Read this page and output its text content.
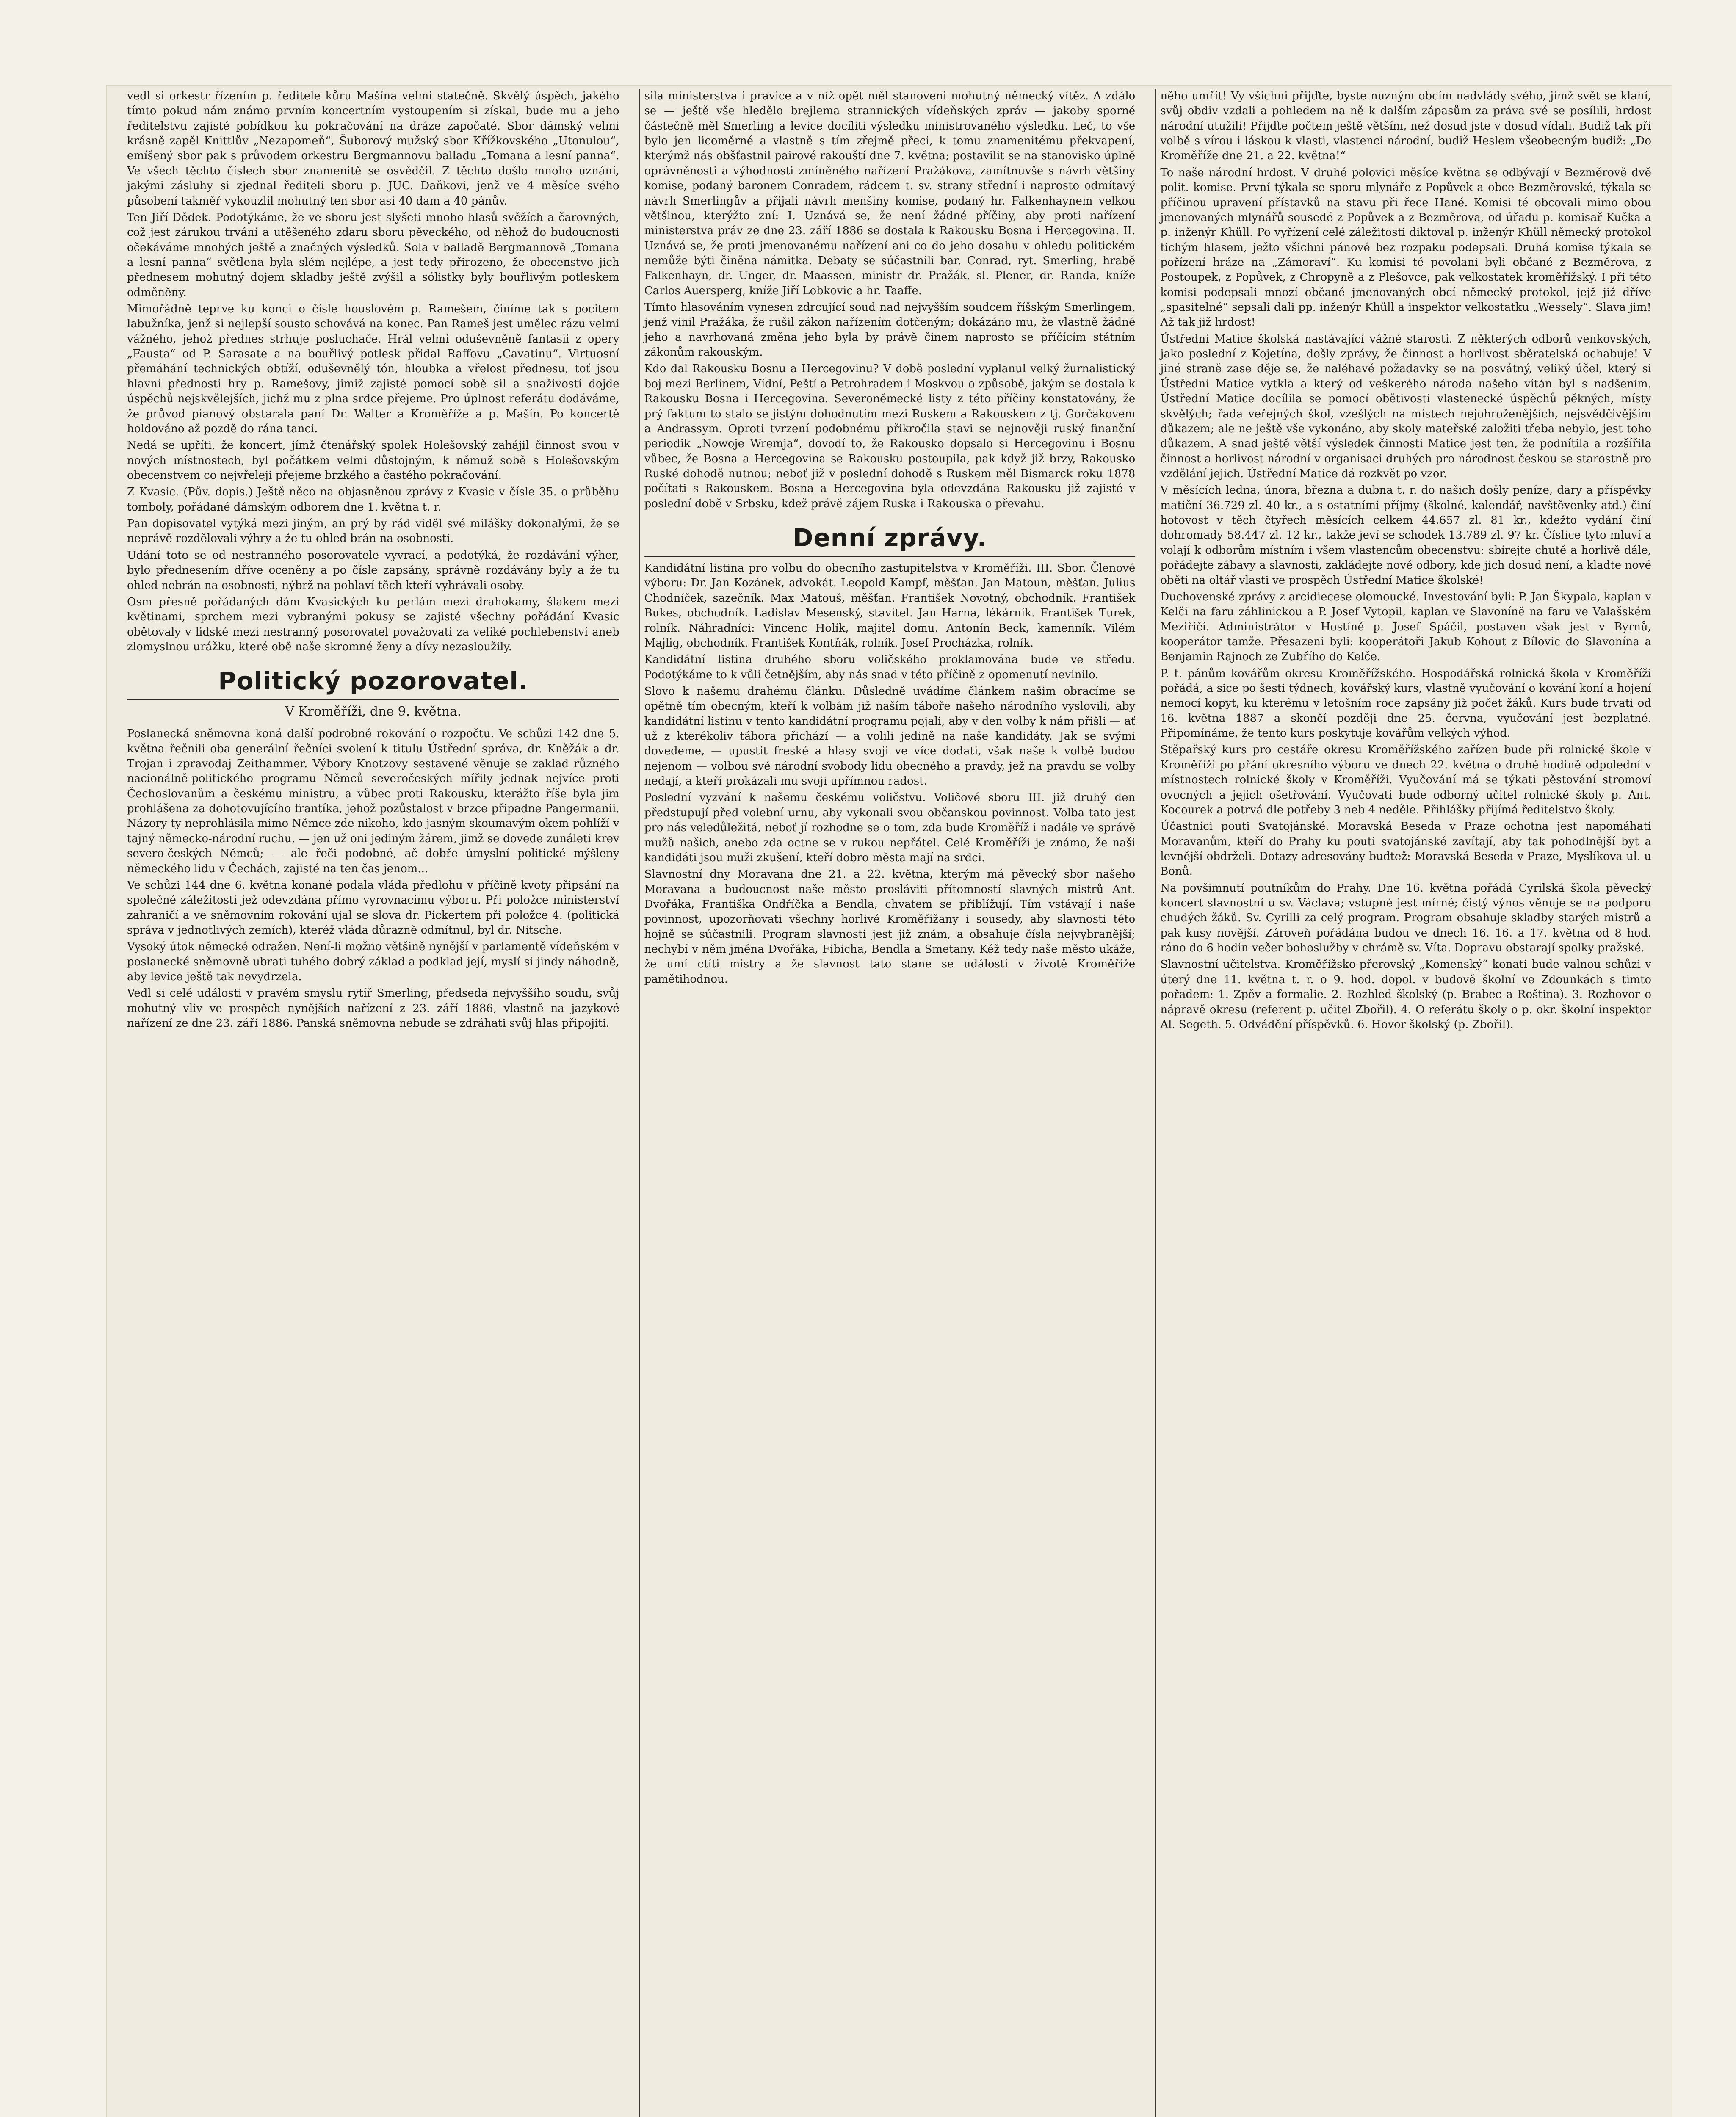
vedl si orkestr řízením p. ředitele kůru Mašína velmi statečně. Skvělý úspěch, jakého tímto pokud nám známo prvním koncertním vystoupením si získal, bude mu a jeho ředitelstvu zajisté pobídkou ku pokračování na dráze započaté. Sbor dámský velmi krásně zapěl Knittlův „Nezapomeň“, Šuborový mužský sbor Křížkovského „Utonulou“, emíšený sbor pak s průvodem orkestru Bergmannovu balladu „Tomana a lesní panna“. Ve všech těchto číslech sbor znamenitě se osvědčil. Z těchto došlo mnoho uznání, jakými zásluhy si zjednal řediteli sboru p. JUC. Daňkovi, jenž ve 4 měsíce svého působení takměř vykouzlil mohutný ten sbor asi 40 dam a 40 pánův.

Ten Jiří Dědek. Podotýkáme, že ve sboru jest slyšeti mnoho hlasů svěžích a čarovných, což jest zárukou trvání a utěšeného zdaru sboru pěveckého, od něhož do budoucnosti očekáváme mnohých ještě a značných výsledků. Sola v balladě Bergmannově „Tomana a lesní panna“ světlena byla slém nejlépe, a jest tedy přirozeno, že obecenstvo jich přednesem mohutný dojem skladby ještě zvýšil a sólistky byly bouřlivým potleskem odměněny.

Mimořádně teprve ku konci o čísle houslovém p. Ramešem, činíme tak s pocitem labužníka, jenž si nejlepší sousto schovává na konec. Pan Rameš jest umělec rázu velmi vážného, jehož přednes strhuje posluchače. Hrál velmi oduševněně fantasii z opery „Fausta“ od P. Sarasate a na bouřlivý potlesk přidal Raffovu „Cavatinu“. Virtuosní přemáhání technických obtíží, oduševnělý tón, hloubka a vřelost přednesu, toť jsou hlavní přednosti hry p. Ramešovy, jimiž zajisté pomocí sobě sil a snaživostí dojde úspěchů nejskvělejších, jichž mu z plna srdce přejeme. Pro úplnost referátu dodáváme, že průvod pianový obstarala paní Dr. Walter a Kroměříže a p. Mašín. Po koncertě holdováno až pozdě do rána tanci.

Nedá se upříti, že koncert, jímž čtenářský spolek Holešovský zahájil činnost svou v nových místnostech, byl počátkem velmi důstojným, k němuž sobě s Holešovským obecenstvem co nejvřeleji přejeme brzkého a častého pokračování.

Z Kvasic. (Pův. dopis.) Ještě něco na objasněnou zprávy z Kvasic v čísle 35. o průběhu tomboly, pořádané dámským odborem dne 1. května t. r.

Pan dopisovatel vytýká mezi jiným, an prý by rád viděl své milášky dokonalými, že se neprávě rozdělovali výhry a že tu ohled brán na osobnosti.

Udání toto se od nestranného posorovatele vyvrací, a podotýká, že rozdávání výher, bylo přednesením dříve oceněny a po čísle zapsány, správně rozdávány byly a že tu ohled nebrán na osobnosti, nýbrž na pohlaví těch kteří vyhrávali osoby.

Osm přesně pořádaných dám Kvasických ku perlám mezi drahokamy, šlakem mezi květinami, sprchem mezi vybranými pokusy se zajisté všechny pořádání Kvasic obětovaly v lidské mezi nestranný posorovatel považovati za veliké pochlebenství aneb zlomyslnou urážku, které obě naše skromné ženy a dívy nezasloužily.

Politický pozorovatel.
V Kroměříži, dne 9. května.

Poslanecká sněmovna koná další podrobné rokování o rozpočtu. Ve schůzi 142 dne 5. května řečnili oba generální řečníci svolení k titulu Ústřední správa, dr. Kněžák a dr. Trojan i zpravodaj Zeithammer. Výbory Knotzovy sestavené věnuje se zaklad různého nacionálně-politického programu Němců severočeských mířily jednak nejvíce proti Čechoslovanům a českému ministru, a vůbec proti Rakousku, kterážto říše byla jim prohlášena za dohotovujícího frantíka, jehož pozůstalost v brzce připadne Pangermanii. Názory ty neprohlásila mimo Němce zde nikoho, kdo jasným skoumavým okem pohlíží v tajný německo-národní ruchu, — jen už oni jediným žárem, jimž se dovede zunáleti krev severo-českých Němců; — ale řeči podobné, ač dobře úmyslní politické mýšleny německého lidu v Čechách, zajisté na ten čas jenom...

Ve schůzi 144 dne 6. května konané podala vláda předlohu v příčině kvoty připsání na společné záležitosti jež odevzdána přímo vyrovnacímu výboru. Při položce ministerství zahraničí a ve sněmovním rokování ujal se slova dr. Pickertem při položce 4. (politická správa v jednotlivých zemích), kteréž vláda důrazně odmítnul, byl dr. Nitsche.

Vysoký útok německé odražen. Není-li možno většině nynější v parlamentě vídeňském v poslanecké sněmovně ubrati tuhého dobrý základ a podklad její, myslí si jindy náhodně, aby levice ještě tak nevydrzela.

Vedl si celé události v pravém smyslu rytíř Smerling, předseda nejvyššího soudu, svůj mohutný vliv ve prospěch nynějších nařízení z 23. září 1886, vlastně na jazykové nařízení ze dne 23. září 1886. Panská sněmovna nebude se zdráhati svůj hlas připojiti.

sila ministerstva i pravice a v níž opět měl stanoveni mohutný německý vítěz. A zdálo se — ještě vše hledělo brejlema strannických vídeňských zpráv — jakoby sporné částečně měl Smerling a levice docíliti výsledku ministrovaného výsledku. Leč, to vše bylo jen licoměrné a vlastně s tím zřejmě přeci, k tomu znamenitému překvapení, kterýmž nás obšťastnil pairové rakouští dne 7. května; postavilit se na stanovisko úplně oprávněnosti a výhodnosti zmíněného nařízení Pražákova, zamítnuvše s návrh většiny komise, podaný baronem Conradem, rádcem t. sv. strany střední i naprosto odmítavý návrh Smerlingův a přijali návrh menšiny komise, podaný hr. Falkenhaynem velkou většinou, kterýžto zní: I. Uznává se, že není žádné příčiny, aby proti nařízení ministerstva práv ze dne 23. září 1886 se dostala k Rakousku Bosna i Hercegovina. II. Uznává se, že proti jmenovanému nařízení ani co do jeho dosahu v ohledu politickém nemůže býti činěna námitka. Debaty se súčastnili bar. Conrad, ryt. Smerling, hrabě Falkenhayn, dr. Unger, dr. Maassen, ministr dr. Pražák, sl. Plener, dr. Randa, kníže Carlos Auersperg, kníže Jiří Lobkovic a hr. Taaffe.

Tímto hlasováním vynesen zdrcující soud nad nejvyšším soudcem říšským Smerlingem, jenž vinil Pražáka, že rušil zákon nařízením dotčeným; dokázáno mu, že vlastně žádné jeho a navrhovaná změna jeho byla by právě činem naprosto se příčícím státním zákonům rakouským.

Kdo dal Rakousku Bosnu a Hercegovinu? V době poslední vyplanul velký žurnalistický boj mezi Berlínem, Vídní, Peští a Petrohradem i Moskvou o způsobě, jakým se dostala k Rakousku Bosna i Hercegovina. Severoněmecké listy z této příčiny konstatovány, že prý faktum to stalo se jistým dohodnutím mezi Ruskem a Rakouskem z tj. Gorčakovem a Andrassym. Oproti tvrzení podobnému přikročila stavi se nejnověji ruský finanční periodik „Nowoje Wremja“, dovodí to, že Rakousko dopsalo si Hercegovinu i Bosnu vůbec, že Bosna a Hercegovina se Rakousku postoupila, pak když již brzy, Rakousko Ruské dohodě nutnou; neboť již v poslední dohodě s Ruskem měl Bismarck roku 1878 počítati s Rakouskem. Bosna a Hercegovina byla odevzdána Rakousku již zajisté v poslední době v Srbsku, kdež právě zájem Ruska i Rakouska o převahu.

Denní zprávy.

Kandidátní listina pro volbu do obecního zastupitelstva v Kroměříži. III. Sbor. Členové výboru: Dr. Jan Kozánek, advokát. Leopold Kampf, měšťan. Jan Matoun, měšťan. Julius Chodníček, sazečník. Max Matouš, měšťan. František Novotný, obchodník. František Bukes, obchodník. Ladislav Mesenský, stavitel. Jan Harna, lékárník. František Turek, rolník. Náhradníci: Vincenc Holík, majitel domu. Antonín Beck, kamenník. Vilém Majlig, obchodník. František Kontňák, rolník. Josef Procházka, rolník.

Kandidátní listina druhého sboru voličského proklamována bude ve středu. Podotýkáme to k vůli četnějším, aby nás snad v této příčině z opomenutí nevinilo.

Slovo k našemu drahému článku. Důsledně uvádíme článkem našim obracíme se opětně tím obecným, kteří k volbám již naším táboře našeho národního vyslovili, aby kandidátní listinu v tento kandidátní programu pojali, aby v den volby k nám přišli — ať už z kterékoliv tábora přichází — a volili jedině na naše kandidáty. Jak se svými dovedeme, — upustit freské a hlasy svoji ve více dodati, však naše k volbě budou nejenom — volbou své národní svobody lidu obecného a pravdy, jež na pravdu se volby nedají, a kteří prokázali mu svoji upřímnou radost.

Poslední vyzvání k našemu českému voličstvu. Voličové sboru III. již druhý den předstupují před volební urnu, aby vykonali svou občanskou povinnost. Volba tato jest pro nás veledůležitá, neboť jí rozhodne se o tom, zda bude Kroměříž i nadále ve správě mužů našich, anebo zda octne se v rukou nepřátel. Celé Kroměříži je známo, že naši kandidáti jsou muži zkušení, kteří dobro města mají na srdci.

Slavnostní dny Moravana dne 21. a 22. května, kterým má pěvecký sbor našeho Moravana a budoucnost naše město prosláviti přítomností slavných mistrů Ant. Dvořáka, Františka Ondříčka a Bendla, chvatem se přiblížují. Tím vstávají i naše povinnost, upozorňovati všechny horlivé Kroměřížany i sousedy, aby slavnosti této hojně se súčastnili. Program slavnosti jest již znám, a obsahuje čísla nejvybranější; nechybí v něm jména Dvořáka, Fibicha, Bendla a Smetany. Kéž tedy naše město ukáže, že umí ctíti mistry a že slavnost tato stane se událostí v životě Kroměříže pamětihodnou.

něho umřít! Vy všichni přijďte, byste nuzným obcím nadvlády svého, jímž svět se klaní, svůj obdiv vzdali a pohledem na ně k dalším zápasům za práva své se posílili, hrdost národní utužili! Přijďte počtem ještě větším, než dosud jste v dosud vídali. Budiž tak při volbě s vírou i láskou k vlasti, vlastenci národní, budiž Heslem všeobecným budiž: „Do Kroměříže dne 21. a 22. května!“

To naše národní hrdost. V druhé polovici měsíce května se odbývají v Bezměrově dvě polit. komise. První týkala se sporu mlynáře z Popůvek a obce Bezměrovské, týkala se příčinou upravení přístavků na stavu při řece Hané. Komisi té obcovali mimo obou jmenovaných mlynářů sousedé z Popůvek a z Bezměrova, od úřadu p. komisař Kučka a p. inženýr Khüll. Po vyřízení celé záležitosti diktoval p. inženýr Khüll německý protokol tichým hlasem, ježto všichni pánové bez rozpaku podepsali. Druhá komise týkala se pořízení hráze na „Zámoraví“. Ku komisi té povolani byli občané z Bezměrova, z Postoupek, z Popůvek, z Chropyně a z Plešovce, pak velkostatek kroměřížský. I při této komisi podepsali mnozí občané jmenovaných obcí německý protokol, jejž již dříve „spasitelné“ sepsali dali pp. inženýr Khüll a inspektor velkostatku „Wessely“. Slava jim! Až tak již hrdost!

Ústřední Matice školská nastávající vážné starosti. Z některých odborů venkovských, jako poslední z Kojetína, došly zprávy, že činnost a horlivost sběratelská ochabuje! V jiné straně zase děje se, že naléhavé požadavky se na posvátný, veliký účel, který si Ústřední Matice vytkla a který od veškerého národa našeho vítán byl s nadšením. Ústřední Matice docílila se pomocí obětivosti vlastenecké úspěchů pěkných, místy skvělých; řada veřejných škol, vzešlých na místech nejohroženějších, nejsvědčivějším důkazem; ale ne ještě vše vykonáno, aby skoly mateřské založiti třeba nebylo, jest toho důkazem. A snad ještě větší výsledek činnosti Matice jest ten, že podnítila a rozšířila činnost a horlivost národní v organisaci druhých pro národnost českou se starostně pro vzdělání jejich. Ústřední Matice dá rozkvět po vzor.

V měsících ledna, února, března a dubna t. r. do našich došly peníze, dary a příspěvky matiční 36.729 zl. 40 kr., a s ostatními příjmy (školné, kalendář, navštěvenky atd.) činí hotovost v těch čtyřech měsících celkem 44.657 zl. 81 kr., kdežto vydání činí dohromady 58.447 zl. 12 kr., takže jeví se schodek 13.789 zl. 97 kr. Číslice tyto mluví a volají k odborům místním i všem vlastencům obecenstvu: sbírejte chutě a horlivě dále, pořádejte zábavy a slavnosti, zakládejte nové odbory, kde jich dosud není, a kladte nové oběti na oltář vlasti ve prospěch Ústřední Matice školské!

Duchovenské zprávy z arcidiecese olomoucké. Investování byli: P. Jan Škypala, kaplan v Kelči na faru záhlinickou a P. Josef Vytopil, kaplan ve Slavoníně na faru ve Valašském Meziříčí. Administrátor v Hostíně p. Josef Spáčil, postaven však jest v Byrnů, kooperátor tamže. Přesazeni byli: kooperátoři Jakub Kohout z Bílovic do Slavonína a Benjamin Rajnoch ze Zubřího do Kelče.

P. t. pánům kovářům okresu Kroměřížského. Hospodářská rolnická škola v Kroměříži pořádá, a sice po šesti týdnech, kovářský kurs, vlastně vyučování o kování koní a hojení nemocí kopyt, ku kterému v letošním roce zapsány již počet žáků. Kurs bude trvati od 16. května 1887 a skončí později dne 25. června, vyučování jest bezplatné. Připomínáme, že tento kurs poskytuje kovářům velkých výhod.

Stěpařský kurs pro cestáře okresu Kroměřížského zařízen bude při rolnické škole v Kroměříži po přání okresního výboru ve dnech 22. května o druhé hodině odpolední v místnostech rolnické školy v Kroměříži. Vyučování má se týkati pěstování stromoví ovocných a jejich ošetřování. Vyučovati bude odborný učitel rolnické školy p. Ant. Kocourek a potrvá dle potřeby 3 neb 4 neděle. Přihlášky přijímá ředitelstvo školy.

Účastníci pouti Svatojánské. Moravská Beseda v Praze ochotna jest napomáhati Moravanům, kteří do Prahy ku pouti svatojánské zavítají, aby tak pohodlnější byt a levnější obdrželi. Dotazy adresovány budtež: Moravská Beseda v Praze, Myslíkova ul. u Bonů.

Na povšimnutí poutníkům do Prahy. Dne 16. května pořádá Cyrilská škola pěvecký koncert slavnostní u sv. Václava; vstupné jest mírné; čistý výnos věnuje se na podporu chudých žáků. Sv. Cyrilli za celý program. Program obsahuje skladby starých mistrů a pak kusy novější. Zároveň pořádána budou ve dnech 16. 16. a 17. května od 8 hod. ráno do 6 hodin večer bohoslužby v chrámě sv. Víta. Dopravu obstarají spolky pražské.

Slavnostní učitelstva. Kroměřížsko-přerovský „Komenský“ konati bude valnou schůzi v úterý dne 11. května t. r. o 9. hod. dopol. v budově školní ve Zdounkách s timto pořadem: 1. Zpěv a formalie. 2. Rozhled školský (p. Brabec a Roština). 3. Rozhovor o nápravě okresu (referent p. učitel Zbořil). 4. O referátu školy o p. okr. školní inspektor Al. Segeth. 5. Odvádění příspěvků. 6. Hovor školský (p. Zbořil).
